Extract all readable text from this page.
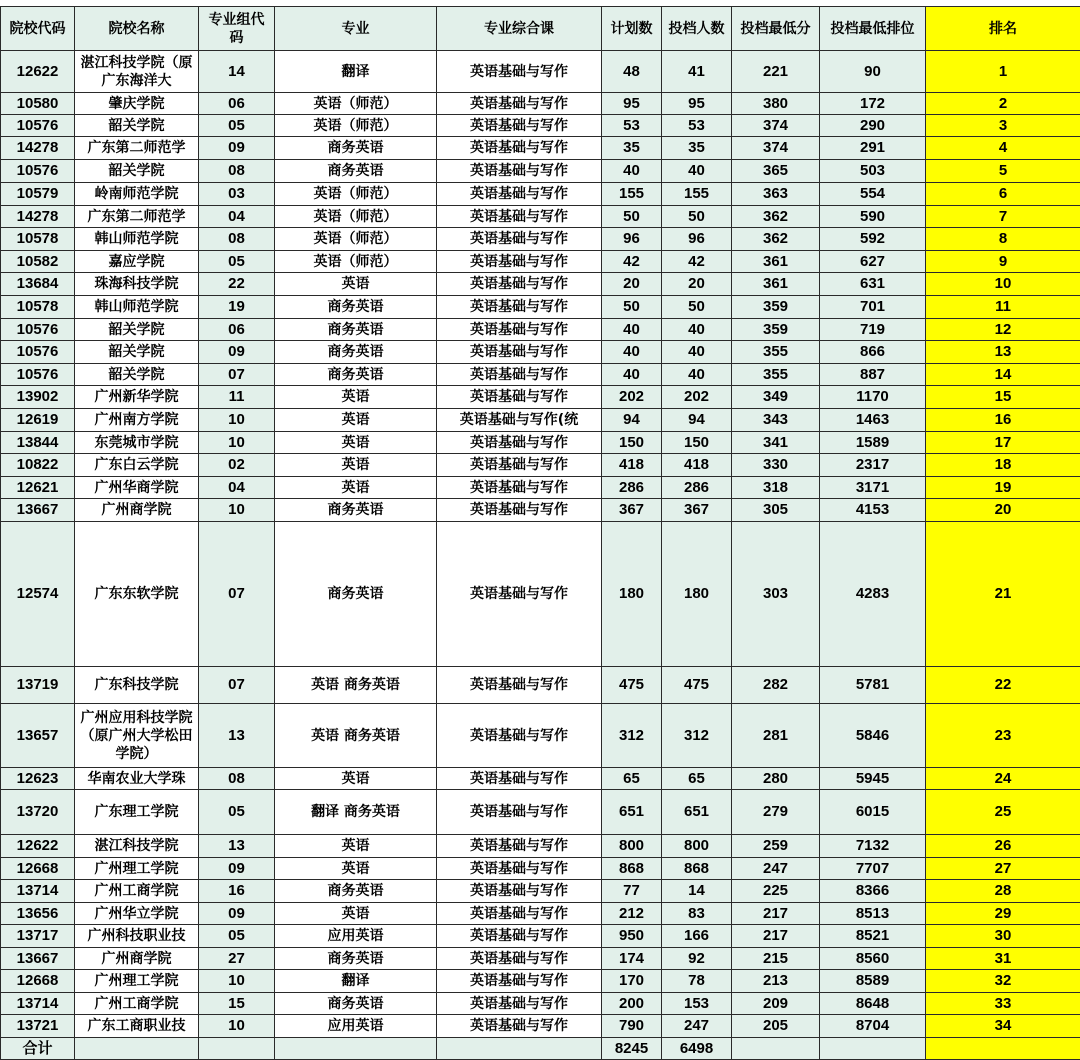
院校代码	院校名称	专业组代码	专业	专业综合课	计划数	投档人数	投档最低分	投档最低排位	排名
12622	湛江科技学院（原广东海洋大	14	翻译	英语基础与写作	48	41	221	90	1
10580	肇庆学院	06	英语（师范）	英语基础与写作	95	95	380	172	2
10576	韶关学院	05	英语（师范）	英语基础与写作	53	53	374	290	3
14278	广东第二师范学	09	商务英语	英语基础与写作	35	35	374	291	4
10576	韶关学院	08	商务英语	英语基础与写作	40	40	365	503	5
10579	岭南师范学院	03	英语（师范）	英语基础与写作	155	155	363	554	6
14278	广东第二师范学	04	英语（师范）	英语基础与写作	50	50	362	590	7
10578	韩山师范学院	08	英语（师范）	英语基础与写作	96	96	362	592	8
10582	嘉应学院	05	英语（师范）	英语基础与写作	42	42	361	627	9
13684	珠海科技学院	22	英语	英语基础与写作	20	20	361	631	10
10578	韩山师范学院	19	商务英语	英语基础与写作	50	50	359	701	11
10576	韶关学院	06	商务英语	英语基础与写作	40	40	359	719	12
10576	韶关学院	09	商务英语	英语基础与写作	40	40	355	866	13
10576	韶关学院	07	商务英语	英语基础与写作	40	40	355	887	14
13902	广州新华学院	11	英语	英语基础与写作	202	202	349	1170	15
12619	广州南方学院	10	英语	英语基础与写作(统	94	94	343	1463	16
13844	东莞城市学院	10	英语	英语基础与写作	150	150	341	1589	17
10822	广东白云学院	02	英语	英语基础与写作	418	418	330	2317	18
12621	广州华商学院	04	英语	英语基础与写作	286	286	318	3171	19
13667	广州商学院	10	商务英语	英语基础与写作	367	367	305	4153	20
12574	广东东软学院	07	商务英语	英语基础与写作	180	180	303	4283	21
13719	广东科技学院	07	英语 商务英语	英语基础与写作	475	475	282	5781	22
13657	广州应用科技学院（原广州大学松田学院）	13	英语 商务英语	英语基础与写作	312	312	281	5846	23
12623	华南农业大学珠	08	英语	英语基础与写作	65	65	280	5945	24
13720	广东理工学院	05	翻译 商务英语	英语基础与写作	651	651	279	6015	25
12622	湛江科技学院	13	英语	英语基础与写作	800	800	259	7132	26
12668	广州理工学院	09	英语	英语基础与写作	868	868	247	7707	27
13714	广州工商学院	16	商务英语	英语基础与写作	77	14	225	8366	28
13656	广州华立学院	09	英语	英语基础与写作	212	83	217	8513	29
13717	广州科技职业技	05	应用英语	英语基础与写作	950	166	217	8521	30
13667	广州商学院	27	商务英语	英语基础与写作	174	92	215	8560	31
12668	广州理工学院	10	翻译	英语基础与写作	170	78	213	8589	32
13714	广州工商学院	15	商务英语	英语基础与写作	200	153	209	8648	33
13721	广东工商职业技	10	应用英语	英语基础与写作	790	247	205	8704	34
合计					8245	6498			
